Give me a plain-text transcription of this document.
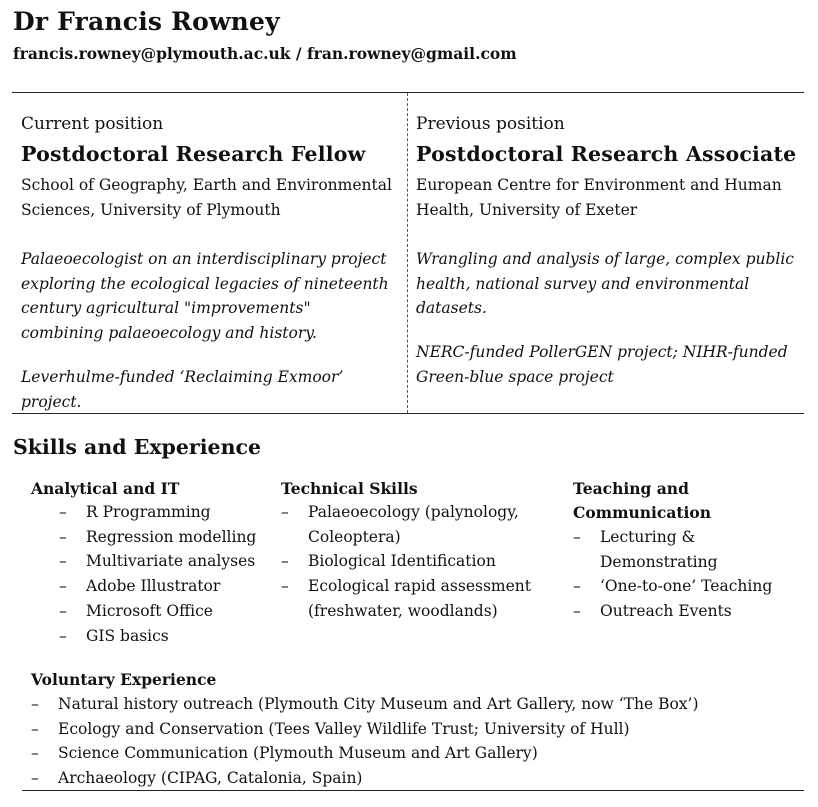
Dr Francis Rowney
francis.rowney@plymouth.ac.uk / fran.rowney@gmail.com
Current position
Postdoctoral Research Fellow
School of Geography, Earth and Environmental Sciences, University of Plymouth
Palaeoecologist on an interdisciplinary project exploring the ecological legacies of nineteenth century agricultural "improvements" combining palaeoecology and history.
Leverhulme-funded ‘Reclaiming Exmoor’ project.
Previous position
Postdoctoral Research Associate
European Centre for Environment and Human Health, University of Exeter
Wrangling and analysis of large, complex public health, national survey and environmental datasets.
NERC-funded PollerGEN project; NIHR-funded Green-blue space project
Skills and Experience
Analytical and IT
– R Programming
– Regression modelling
– Multivariate analyses
– Adobe Illustrator
– Microsoft Office
– GIS basics
Technical Skills
– Palaeoecology (palynology, Coleoptera)
– Biological Identification
– Ecological rapid assessment (freshwater, woodlands)
Teaching and Communication
– Lecturing & Demonstrating
– ‘One-to-one’ Teaching
– Outreach Events
Voluntary Experience
– Natural history outreach (Plymouth City Museum and Art Gallery, now ‘The Box’)
– Ecology and Conservation (Tees Valley Wildlife Trust; University of Hull)
– Science Communication (Plymouth Museum and Art Gallery)
– Archaeology (CIPAG, Catalonia, Spain)
